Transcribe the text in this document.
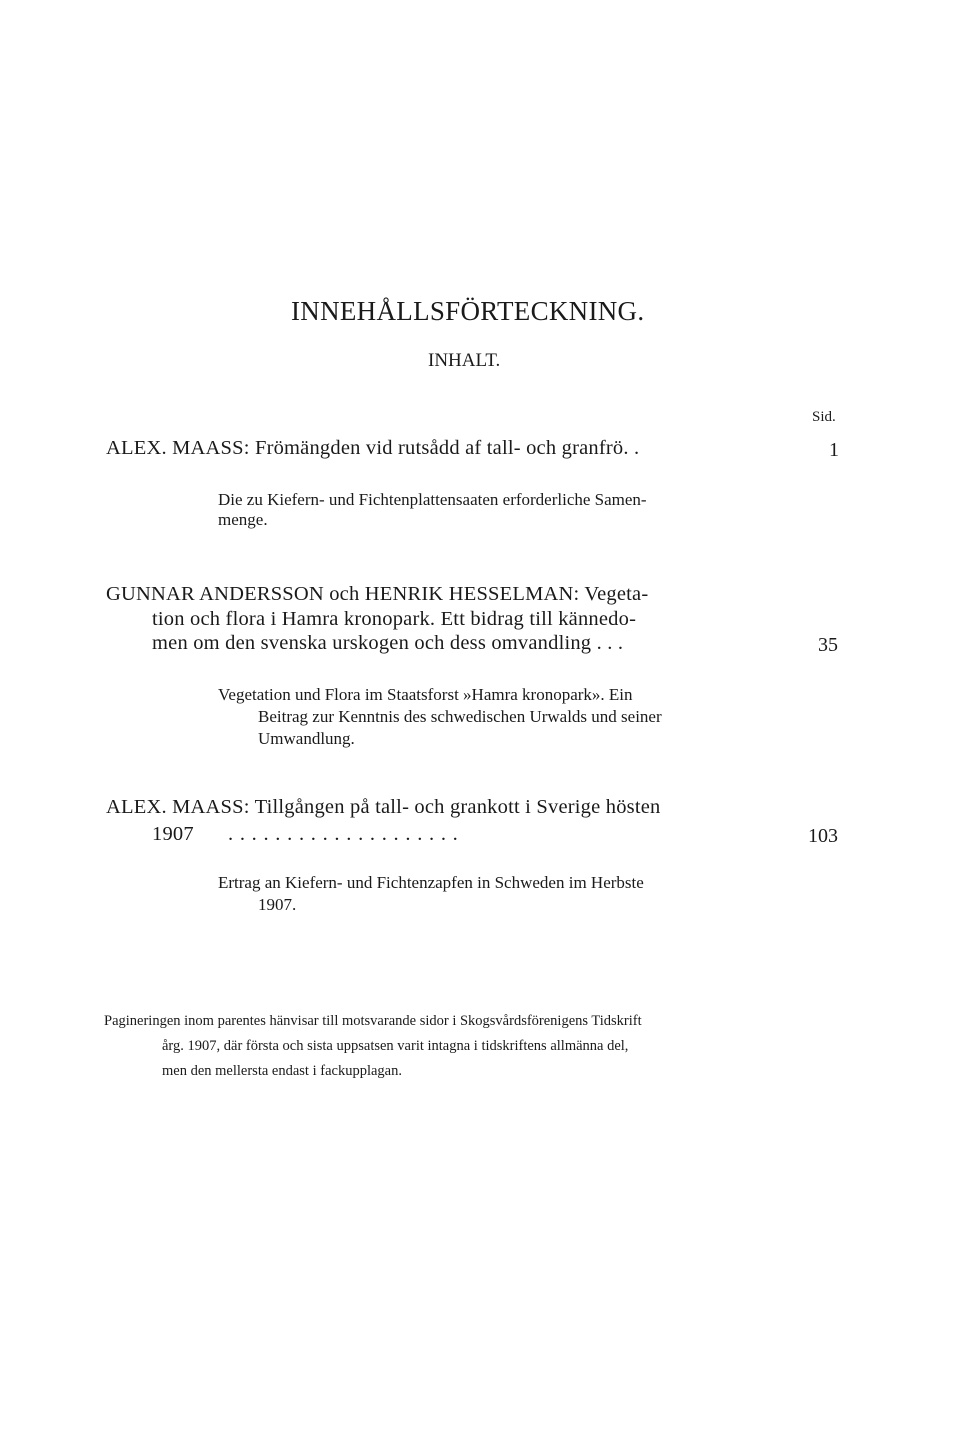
INNEHÅLLSFÖRTECKNING.
INHALT.
Sid.
ALEX. MAASS: Frömängden vid rutsådd af tall- och granfrö. .	1
Die zu Kiefern- und Fichtenplattensaaten erforderliche Samen-
menge.
GUNNAR ANDERSSON och HENRIK HESSELMAN: Vegeta-
tion och flora i Hamra kronopark. Ett bidrag till kännedo-
men om den svenska urskogen och dess omvandling . . .	35
Vegetation und Flora im Staatsforst »Hamra kronopark». Ein
Beitrag zur Kenntnis des schwedischen Urwalds und seiner
Umwandlung.
ALEX. MAASS: Tillgången på tall- och grankott i Sverige hösten
1907 ....................	103
Ertrag an Kiefern- und Fichtenzapfen in Schweden im Herbste
1907.
Pagineringen inom parentes hänvisar till motsvarande sidor i Skogsvårdsförenigens Tidskrift
årg. 1907, där första och sista uppsatsen varit intagna i tidskriftens allmänna del,
men den mellersta endast i fackupplagan.
